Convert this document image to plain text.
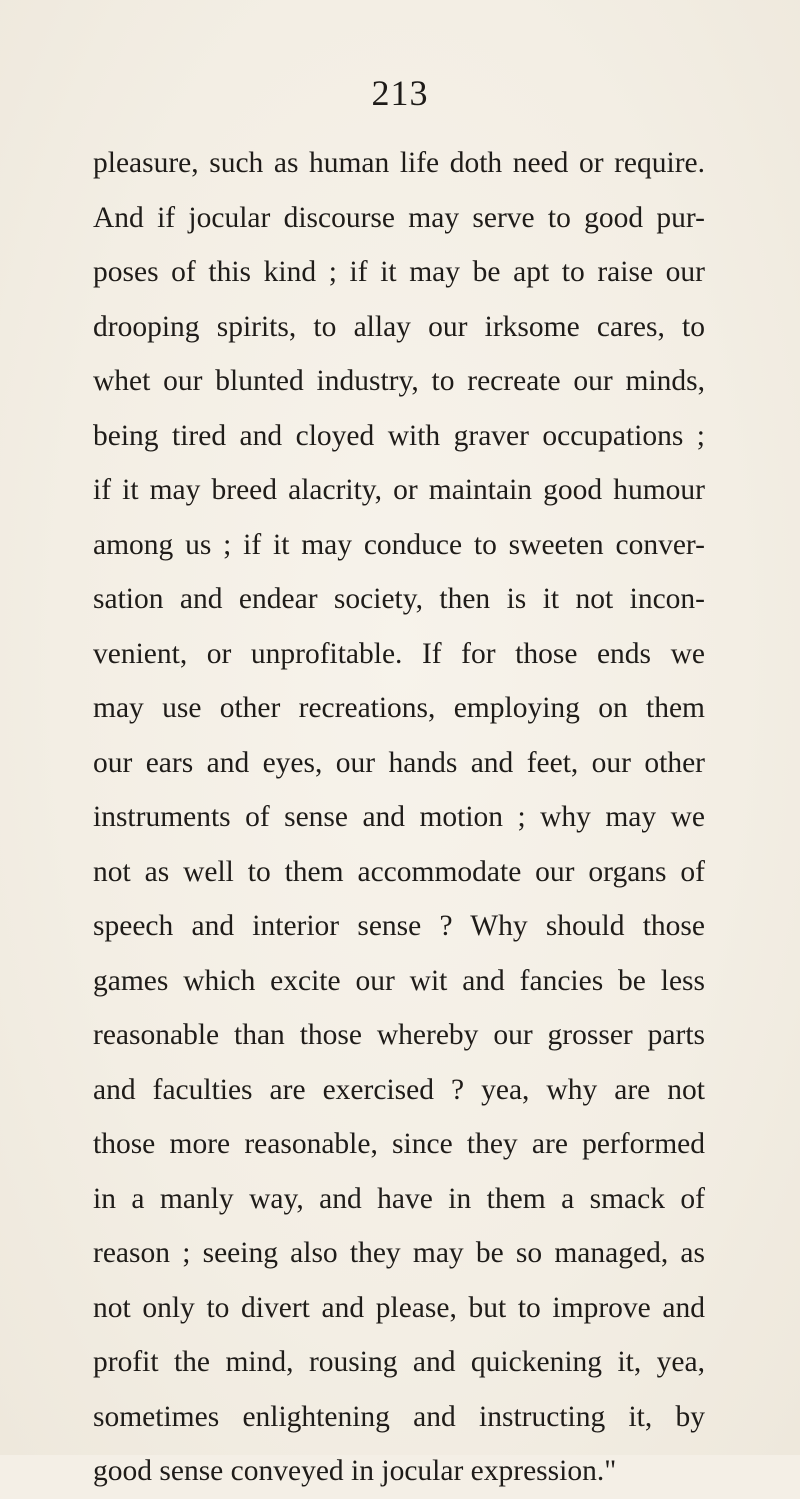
213
pleasure, such as human life doth need or require.
And if jocular discourse may serve to good pur-
poses of this kind ; if it may be apt to raise our
drooping spirits, to allay our irksome cares, to
whet our blunted industry, to recreate our minds,
being tired and cloyed with graver occupations ;
if it may breed alacrity, or maintain good humour
among us ; if it may conduce to sweeten conver-
sation and endear society, then is it not incon-
venient, or unprofitable. If for those ends we
may use other recreations, employing on them
our ears and eyes, our hands and feet, our other
instruments of sense and motion ; why may we
not as well to them accommodate our organs of
speech and interior sense ? Why should those
games which excite our wit and fancies be less
reasonable than those whereby our grosser parts
and faculties are exercised ? yea, why are not
those more reasonable, since they are performed
in a manly way, and have in them a smack of
reason ; seeing also they may be so managed, as
not only to divert and please, but to improve and
profit the mind, rousing and quickening it, yea,
sometimes enlightening and instructing it, by
good sense conveyed in jocular expression."
